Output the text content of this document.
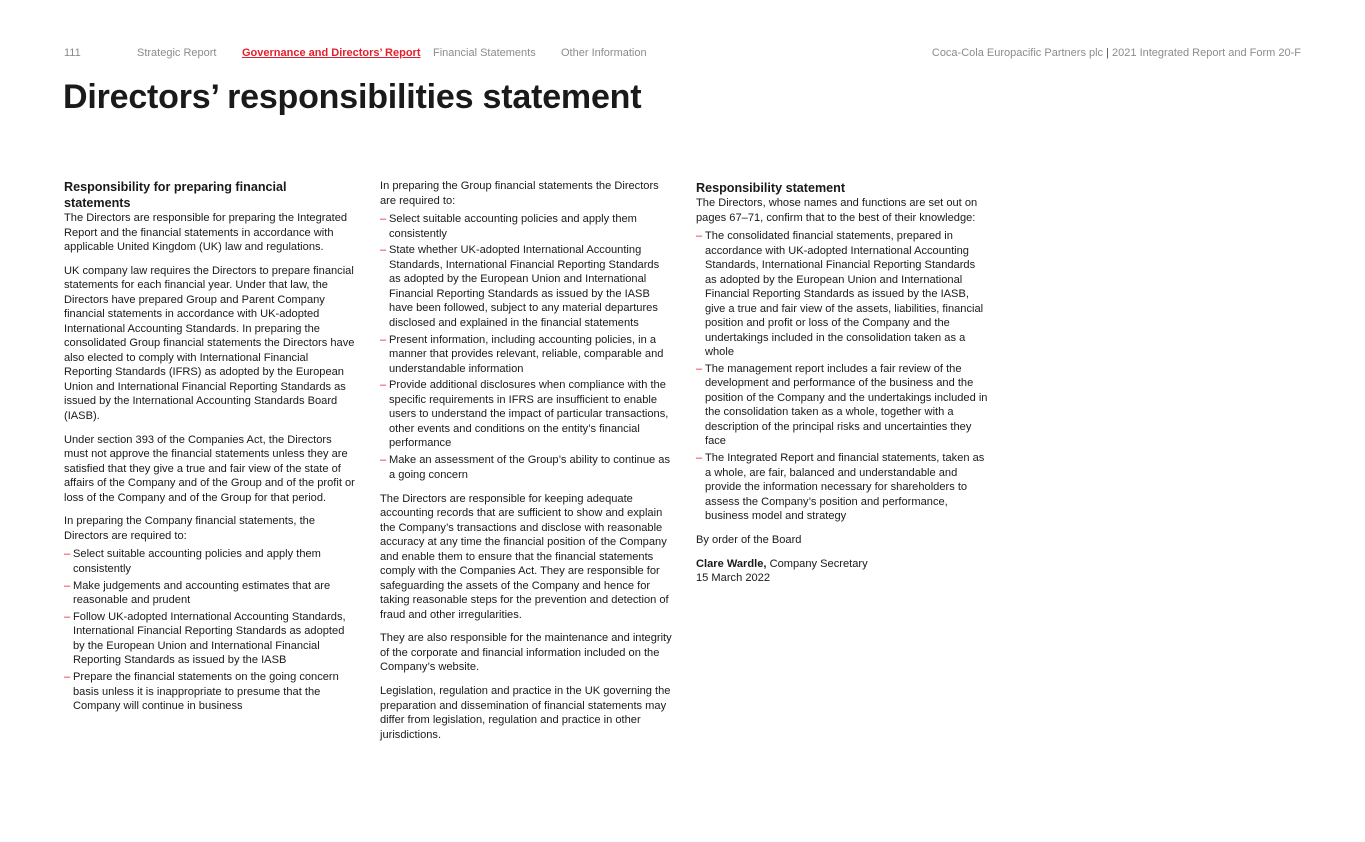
111	Strategic Report Governance and Directors’ Report Financial Statements Other Information	Coca-Cola Europacific Partners plc | 2021 Integrated Report and Form 20-F
Directors’ responsibilities statement
Responsibility for preparing financial statements

The Directors are responsible for preparing the Integrated Report and the financial statements in accordance with applicable United Kingdom (UK) law and regulations.

UK company law requires the Directors to prepare financial statements for each financial year. Under that law, the Directors have prepared Group and Parent Company financial statements in accordance with UK-adopted International Accounting Standards. In preparing the consolidated Group financial statements the Directors have also elected to comply with International Financial Reporting Standards (IFRS) as adopted by the European Union and International Financial Reporting Standards as issued by the International Accounting Standards Board (IASB).

Under section 393 of the Companies Act, the Directors must not approve the financial statements unless they are satisfied that they give a true and fair view of the state of affairs of the Company and of the Group and of the profit or loss of the Company and of the Group for that period.

In preparing the Company financial statements, the Directors are required to:

– Select suitable accounting policies and apply them consistently
– Make judgements and accounting estimates that are reasonable and prudent
– Follow UK-adopted International Accounting Standards, International Financial Reporting Standards as adopted by the European Union and International Financial Reporting Standards as issued by the IASB
– Prepare the financial statements on the going concern basis unless it is inappropriate to presume that the Company will continue in business

In preparing the Group financial statements the Directors are required to:

– Select suitable accounting policies and apply them consistently
– State whether UK-adopted International Accounting Standards, International Financial Reporting Standards as adopted by the European Union and International Financial Reporting Standards as issued by the IASB have been followed, subject to any material departures disclosed and explained in the financial statements
– Present information, including accounting policies, in a manner that provides relevant, reliable, comparable and understandable information
– Provide additional disclosures when compliance with the specific requirements in IFRS are insufficient to enable users to understand the impact of particular transactions, other events and conditions on the entity’s financial performance
– Make an assessment of the Group’s ability to continue as a going concern

The Directors are responsible for keeping adequate accounting records that are sufficient to show and explain the Company’s transactions and disclose with reasonable accuracy at any time the financial position of the Company and enable them to ensure that the financial statements comply with the Companies Act. They are responsible for safeguarding the assets of the Company and hence for taking reasonable steps for the prevention and detection of fraud and other irregularities.

They are also responsible for the maintenance and integrity of the corporate and financial information included on the Company’s website.

Legislation, regulation and practice in the UK governing the preparation and dissemination of financial statements may differ from legislation, regulation and practice in other jurisdictions.

Responsibility statement

The Directors, whose names and functions are set out on pages 67–71, confirm that to the best of their knowledge:

– The consolidated financial statements, prepared in accordance with UK-adopted International Accounting Standards, International Financial Reporting Standards as adopted by the European Union and International Financial Reporting Standards as issued by the IASB, give a true and fair view of the assets, liabilities, financial position and profit or loss of the Company and the undertakings included in the consolidation taken as a whole
– The management report includes a fair review of the development and performance of the business and the position of the Company and the undertakings included in the consolidation taken as a whole, together with a description of the principal risks and uncertainties they face
– The Integrated Report and financial statements, taken as a whole, are fair, balanced and understandable and provide the information necessary for shareholders to assess the Company’s position and performance, business model and strategy

By order of the Board

Clare Wardle, Company Secretary
15 March 2022
